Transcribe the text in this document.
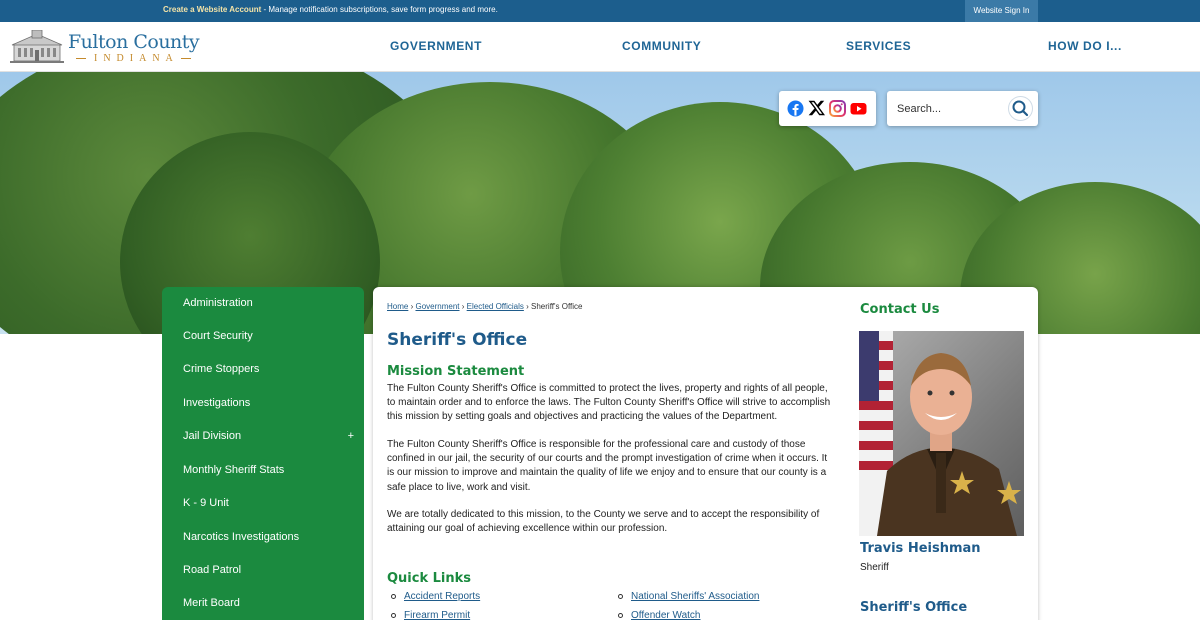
Create a Website Account - Manage notification subscriptions, save form progress and more.	Website Sign In
Fulton County
INDIANA
GOVERNMENT	COMMUNITY	SERVICES	HOW DO I...
Search...
Administration
Court Security
Crime Stoppers
Investigations
Jail Division	+
Monthly Sheriff Stats
K - 9 Unit
Narcotics Investigations
Road Patrol
Merit Board
Home › Government › Elected Officials › Sheriff's Office
Sheriff's Office
Mission Statement
The Fulton County Sheriff's Office is committed to protect the lives, property and rights of all people, to maintain order and to enforce the laws. The Fulton County Sheriff's Office will strive to accomplish this mission by setting goals and objectives and practicing the values of the Department.
The Fulton County Sheriff's Office is responsible for the professional care and custody of those confined in our jail, the security of our courts and the prompt investigation of crime when it occurs. It is our mission to improve and maintain the quality of life we enjoy and to ensure that our county is a safe place to live, work and visit.
We are totally dedicated to this mission, to the County we serve and to accept the responsibility of attaining our goal of achieving excellence within our profession.
Quick Links
Accident Reports	National Sheriffs' Association
Firearm Permit	Offender Watch
Contact Us
Travis Heishman
Sheriff
Sheriff's Office
